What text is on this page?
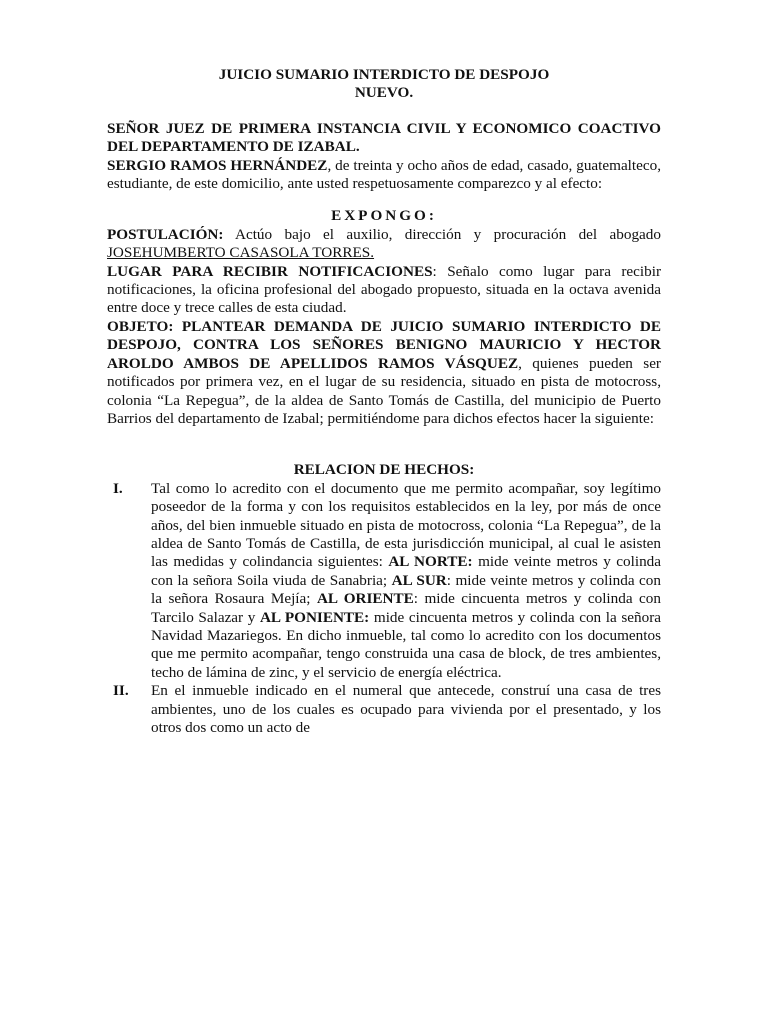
JUICIO SUMARIO INTERDICTO DE DESPOJO

NUEVO.

SEÑOR JUEZ DE PRIMERA INSTANCIA CIVIL Y ECONOMICO COACTIVO DEL DEPARTAMENTO DE IZABAL.

SERGIO RAMOS HERNÁNDEZ, de treinta y ocho años de edad, casado, guatemalteco, estudiante, de este domicilio, ante usted respetuosamente comparezco y al efecto:

EXPONGO:

POSTULACIÓN: Actúo bajo el auxilio, dirección y procuración del abogado JOSEHUMBERTO CASASOLA TORRES.

LUGAR PARA RECIBIR NOTIFICACIONES: Señalo como lugar para recibir notificaciones, la oficina profesional del abogado propuesto, situada en la octava avenida entre doce y trece calles de esta ciudad.

OBJETO: PLANTEAR DEMANDA DE JUICIO SUMARIO INTERDICTO DE DESPOJO, CONTRA LOS SEÑORES BENIGNO MAURICIO Y HECTOR AROLDO AMBOS DE APELLIDOS RAMOS VÁSQUEZ, quienes pueden ser notificados por primera vez, en el lugar de su residencia, situado en pista de motocross, colonia “La Repegua”, de la aldea de Santo Tomás de Castilla, del municipio de Puerto Barrios del departamento de Izabal; permitiéndome para dichos efectos hacer la siguiente:

RELACION DE HECHOS:

I.	Tal como lo acredito con el documento que me permito acompañar, soy legítimo poseedor de la forma y con los requisitos establecidos en la ley, por más de once años, del bien inmueble situado en pista de motocross, colonia “La Repegua”, de la aldea de Santo Tomás de Castilla, de esta jurisdicción municipal, al cual le asisten las medidas y colindancia siguientes: AL NORTE: mide veinte metros y colinda con la señora Soila viuda de Sanabria; AL SUR: mide veinte metros y colinda con la señora Rosaura Mejía; AL ORIENTE: mide cincuenta metros y colinda con Tarcilo Salazar y AL PONIENTE: mide cincuenta metros y colinda con la señora Navidad Mazariegos. En dicho inmueble, tal como lo acredito con los documentos que me permito acompañar, tengo construida una casa de block, de tres ambientes, techo de lámina de zinc, y el servicio de energía eléctrica.

II.	En el inmueble indicado en el numeral que antecede, construí una casa de tres ambientes, uno de los cuales es ocupado para vivienda por el presentado, y los otros dos como un acto de
